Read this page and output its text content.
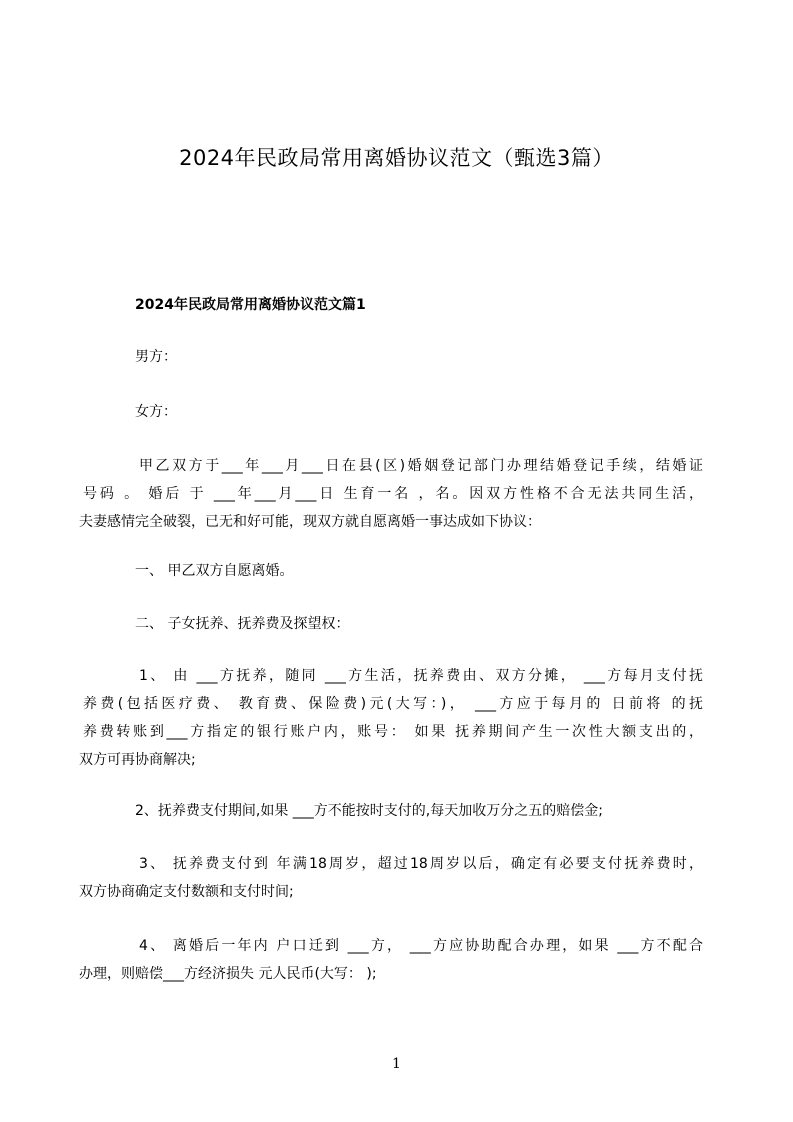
2024年民政局常用离婚协议范文（甄选3篇）
2024年民政局常用离婚协议范文篇1
男方：
女方：
甲乙双方于___年___月___日在县(区)婚姻登记部门办理结婚登记手续，结婚证
号码 。 婚后 于 ___年___月___日 生育一名 ，名。因双方性格不合无法共同生活，
夫妻感情完全破裂，已无和好可能，现双方就自愿离婚一事达成如下协议：
一、 甲乙双方自愿离婚。
二、 子女抚养、抚养费及探望权：
1、 由 ___方抚养，随同 ___方生活，抚养费由、双方分摊， ___方每月支付抚
养费(包括医疗费、 教育费、保险费)元(大写：)， ___方应于每月的 日前将 的抚
养费转账到___方指定的银行账户内，账号： 如果 抚养期间产生一次性大额支出的，
双方可再协商解决;
2、抚养费支付期间,如果 ___方不能按时支付的,每天加收万分之五的赔偿金;
3、 抚养费支付到 年满18周岁，超过18周岁以后，确定有必要支付抚养费时，
双方协商确定支付数额和支付时间;
4、 离婚后一年内 户口迁到 ___方， ___方应协助配合办理，如果 ___方不配合
办理，则赔偿___方经济损失 元人民币(大写： );
1
